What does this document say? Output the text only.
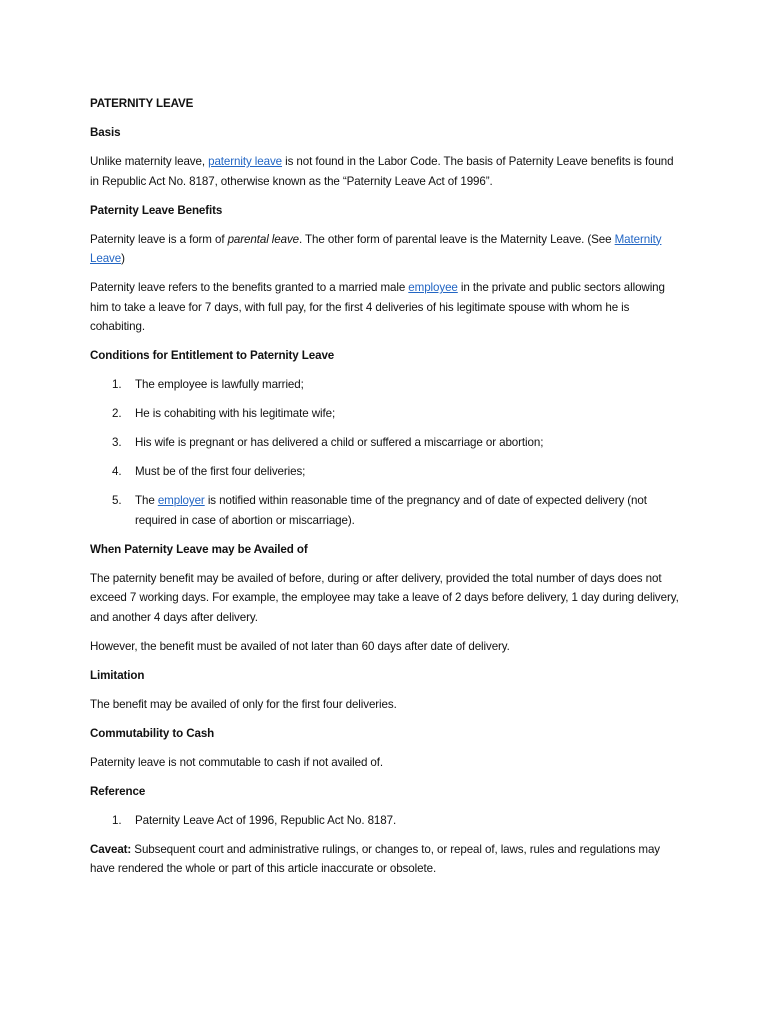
PATERNITY LEAVE

Basis

Unlike maternity leave, paternity leave is not found in the Labor Code. The basis of Paternity Leave benefits is found in Republic Act No. 8187, otherwise known as the “Paternity Leave Act of 1996”.

Paternity Leave Benefits

Paternity leave is a form of parental leave. The other form of parental leave is the Maternity Leave. (See Maternity Leave)

Paternity leave refers to the benefits granted to a married male employee in the private and public sectors allowing him to take a leave for 7 days, with full pay, for the first 4 deliveries of his legitimate spouse with whom he is cohabiting.

Conditions for Entitlement to Paternity Leave

1. The employee is lawfully married;
2. He is cohabiting with his legitimate wife;
3. His wife is pregnant or has delivered a child or suffered a miscarriage or abortion;
4. Must be of the first four deliveries;
5. The employer is notified within reasonable time of the pregnancy and of date of expected delivery (not required in case of abortion or miscarriage).

When Paternity Leave may be Availed of

The paternity benefit may be availed of before, during or after delivery, provided the total number of days does not exceed 7 working days. For example, the employee may take a leave of 2 days before delivery, 1 day during delivery, and another 4 days after delivery.

However, the benefit must be availed of not later than 60 days after date of delivery.

Limitation

The benefit may be availed of only for the first four deliveries.

Commutability to Cash

Paternity leave is not commutable to cash if not availed of.

Reference

1. Paternity Leave Act of 1996, Republic Act No. 8187.

Caveat: Subsequent court and administrative rulings, or changes to, or repeal of, laws, rules and regulations may have rendered the whole or part of this article inaccurate or obsolete.
